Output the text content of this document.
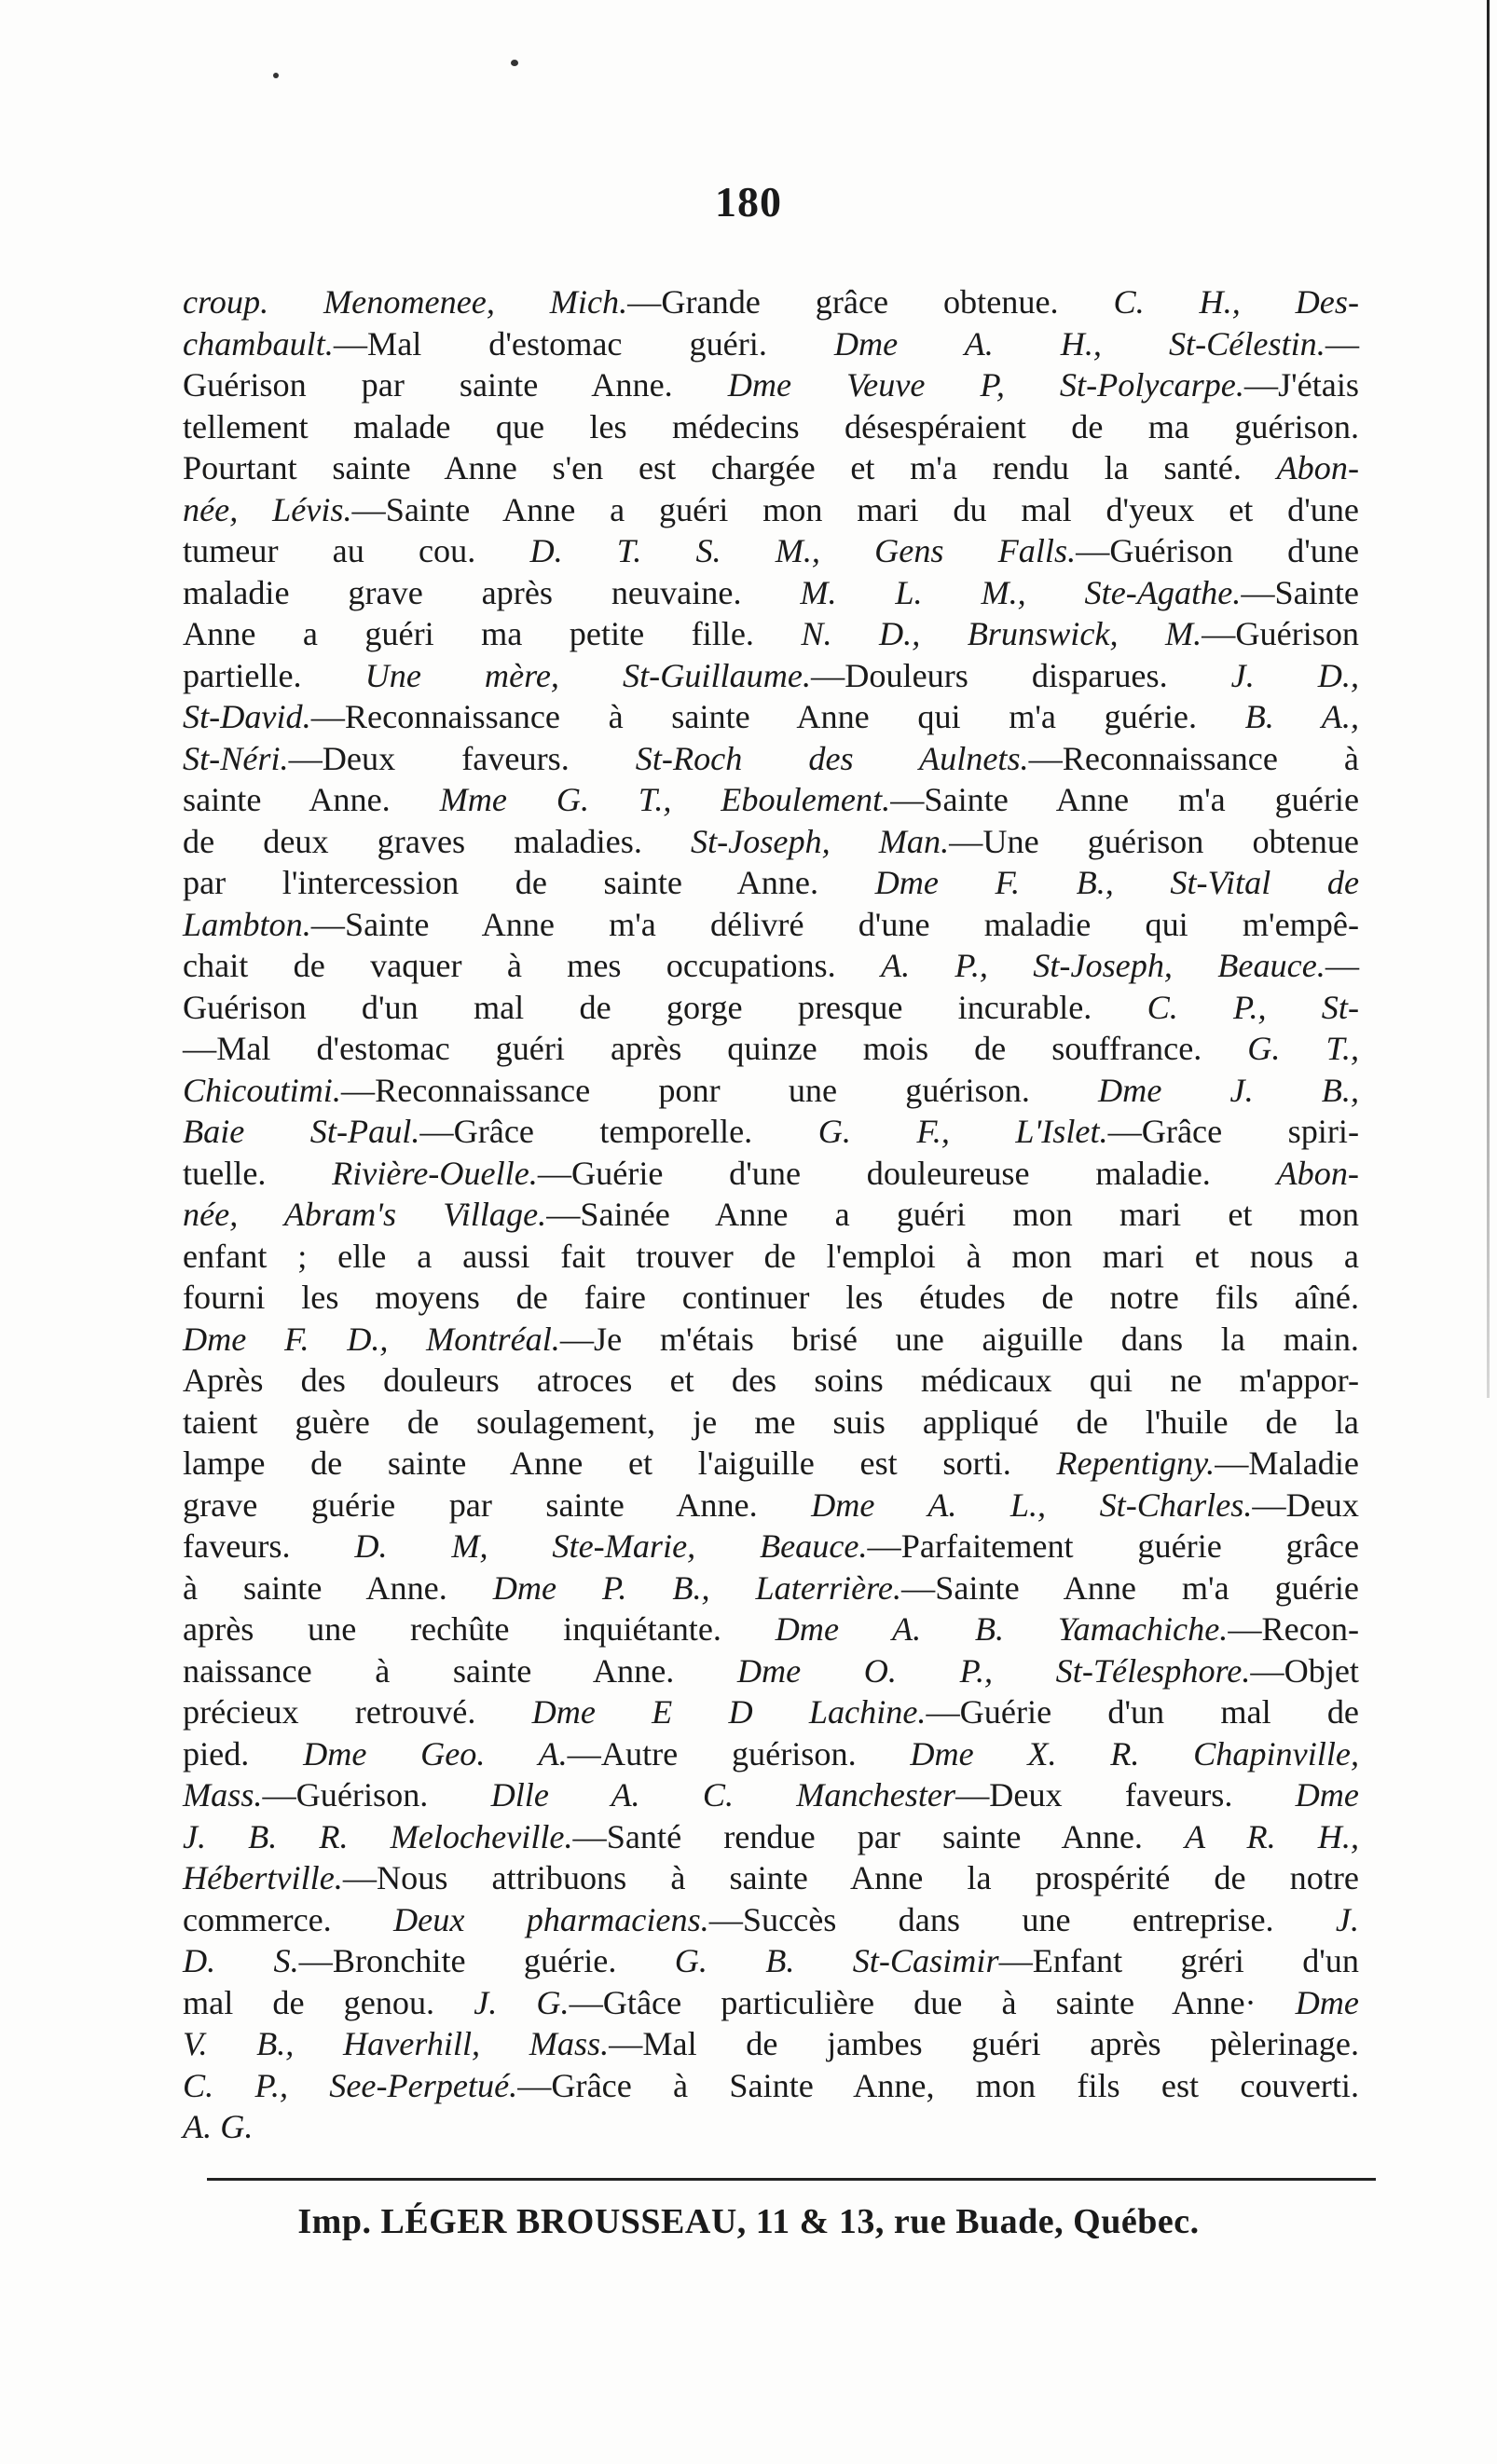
180
croup. Menomenee, Mich.—Grande grâce obtenue. C. H., Des-
chambault.—Mal d'estomac guéri. Dme A. H., St-Célestin.—
Guérison par sainte Anne. Dme Veuve P, St-Polycarpe.—J'étais
tellement malade que les médecins désespéraient de ma guérison.
Pourtant sainte Anne s'en est chargée et m'a rendu la santé. Abon-
née, Lévis.—Sainte Anne a guéri mon mari du mal d'yeux et d'une
tumeur au cou. D. T. S. M., Gens Falls.—Guérison d'une
maladie grave après neuvaine. M. L. M., Ste-Agathe.—Sainte
Anne a guéri ma petite fille. N. D., Brunswick, M.—Guérison
partielle. Une mère, St-Guillaume.—Douleurs disparues. J. D.,
St-David.—Reconnaissance à sainte Anne qui m'a guérie. B. A.,
St-Néri.—Deux faveurs. St-Roch des Aulnets.—Reconnaissance à
sainte Anne. Mme G. T., Eboulement.—Sainte Anne m'a guérie
de deux graves maladies. St-Joseph, Man.—Une guérison obtenue
par l'intercession de sainte Anne. Dme F. B., St-Vital de
Lambton.—Sainte Anne m'a délivré d'une maladie qui m'empê-
chait de vaquer à mes occupations. A. P., St-Joseph, Beauce.—
Guérison d'un mal de gorge presque incurable. C. P., St-
—Mal d'estomac guéri après quinze mois de souffrance. G. T.,
Chicoutimi.—Reconnaissance ponr une guérison. Dme J. B.,
Baie St-Paul.—Grâce temporelle. G. F., L'Islet.—Grâce spiri-
tuelle. Rivière-Ouelle.—Guérie d'une douleureuse maladie. Abon-
née, Abram's Village.—Sainée Anne a guéri mon mari et mon
enfant ; elle a aussi fait trouver de l'emploi à mon mari et nous a
fourni les moyens de faire continuer les études de notre fils aîné.
Dme F. D., Montréal.—Je m'étais brisé une aiguille dans la main.
Après des douleurs atroces et des soins médicaux qui ne m'appor-
taient guère de soulagement, je me suis appliqué de l'huile de la
lampe de sainte Anne et l'aiguille est sorti. Repentigny.—Maladie
grave guérie par sainte Anne. Dme A. L., St-Charles.—Deux
faveurs. D. M, Ste-Marie, Beauce.—Parfaitement guérie grâce
à sainte Anne. Dme P. B., Laterrière.—Sainte Anne m'a guérie
après une rechûte inquiétante. Dme A. B. Yamachiche.—Recon-
naissance à sainte Anne. Dme O. P., St-Télesphore.—Objet
précieux retrouvé. Dme E D Lachine.—Guérie d'un mal de
pied. Dme Geo. A.—Autre guérison. Dme X. R. Chapinville,
Mass.—Guérison. Dlle A. C. Manchester—Deux faveurs. Dme
J. B. R. Melocheville.—Santé rendue par sainte Anne. A R. H.,
Hébertville.—Nous attribuons à sainte Anne la prospérité de notre
commerce. Deux pharmaciens.—Succès dans une entreprise. J.
D. S.—Bronchite guérie. G. B. St-Casimir—Enfant gréri d'un
mal de genou. J. G.—Gtâce particulière due à sainte Anne· Dme
V. B., Haverhill, Mass.—Mal de jambes guéri après pèlerinage.
C. P., See-Perpetué.—Grâce à Sainte Anne, mon fils est couverti.
A. G.
Imp. LÉGER BROUSSEAU, 11 & 13, rue Buade, Québec.
